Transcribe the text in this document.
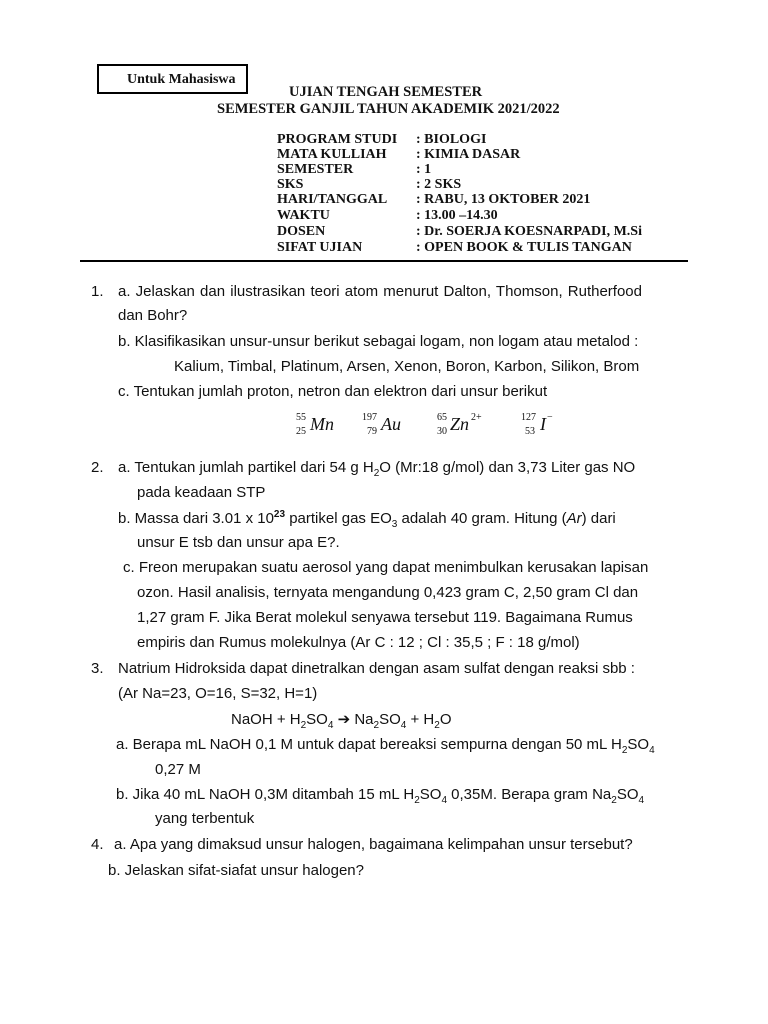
Untuk Mahasiswa
UJIAN TENGAH SEMESTER
SEMESTER GANJIL TAHUN AKADEMIK 2021/2022
PROGRAM STUDI : BIOLOGI
MATA KULLIAH : KIMIA DASAR
SEMESTER	: 1
SKS	: 2 SKS
HARI/TANGGAL : RABU, 13 OKTOBER 2021
WAKTU	: 13.00 –14.30
DOSEN	: Dr. SOERJA KOESNARPADI, M.Si
SIFAT UJIAN	: OPEN BOOK & TULIS TANGAN
1. a. Jelaskan dan ilustrasikan teori atom menurut Dalton, Thomson, Rutherfood
dan Bohr?
b. Klasifikasikan unsur-unsur berikut sebagai logam, non logam atau metalod :
Kalium, Timbal, Platinum, Arsen, Xenon, Boron, Karbon, Silikon, Brom
c. Tentukan jumlah proton, netron dan elektron dari unsur berikut
55
25 Mn	197
79 Au	65
30 Zn 2+	127
53 I −
2. a. Tentukan jumlah partikel dari 54 g $H_2O$ (Mr:18 g/mol) dan 3,73 Liter gas NO
pada keadaan STP
b. Massa dari 3.01 x $10^{23}$ partikel gas $EO_3$ adalah 40 gram. Hitung (Ar) dari
unsur E tsb dan unsur apa E?.
c. Freon merupakan suatu aerosol yang dapat menimbulkan kerusakan lapisan
ozon. Hasil analisis, ternyata mengandung 0,423 gram C, 2,50 gram Cl dan
1,27 gram F. Jika Berat molekul senyawa tersebut 119. Bagaimana Rumus
empiris dan Rumus molekulnya (Ar C : 12 ; Cl : 35,5 ; F : 18 g/mol)
3. Natrium Hidroksida dapat dinetralkan dengan asam sulfat dengan reaksi sbb :
(Ar Na=23, O=16, S=32, H=1)
NaOH + $H_2SO_4$ ➔ $Na_2SO_4 + H_2O$
a. Berapa mL NaOH 0,1 M untuk dapat bereaksi sempurna dengan 50 mL $H_2SO_4$
0,27 M
b. Jika 40 mL NaOH 0,3M ditambah 15 mL $H_2SO_4$ 0,35M. Berapa gram $Na_2SO_4$
yang terbentuk
4. a. Apa yang dimaksud unsur halogen, bagaimana kelimpahan unsur tersebut?
b. Jelaskan sifat-siafat unsur halogen?
